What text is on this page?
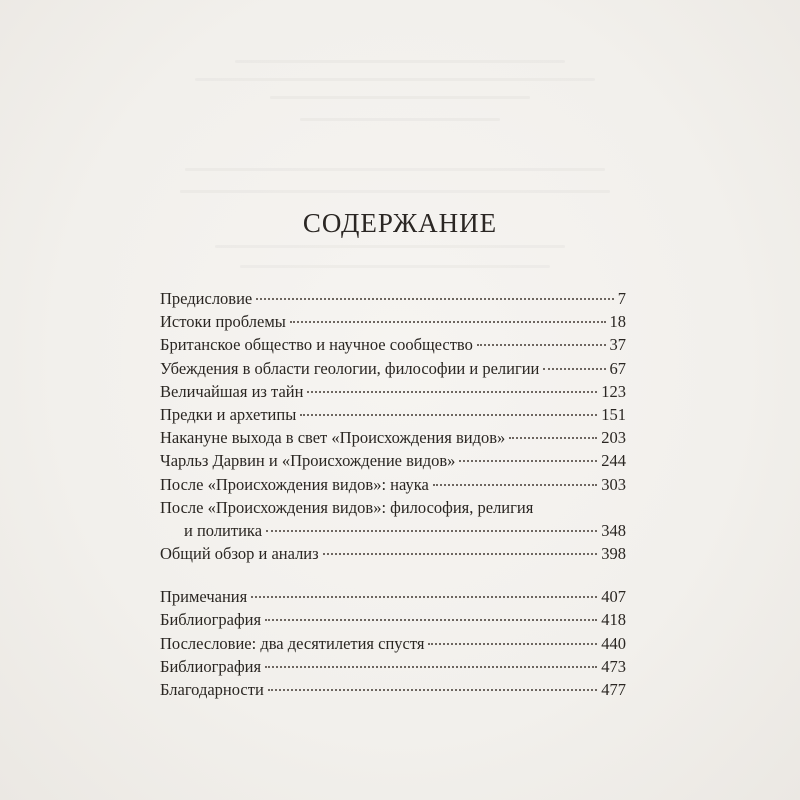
СОДЕРЖАНИЕ
Предисловие	7
Истоки проблемы	18
Британское общество и научное сообщество	37
Убеждения в области геологии, философии и религии	67
Величайшая из тайн	123
Предки и архетипы	151
Накануне выхода в свет «Происхождения видов»	203
Чарльз Дарвин и «Происхождение видов»	244
После «Происхождения видов»: наука	303
После «Происхождения видов»: философия, религия
и политика	348
Общий обзор и анализ	398
Примечания	407
Библиография	418
Послесловие: два десятилетия спустя	440
Библиография	473
Благодарности	477
